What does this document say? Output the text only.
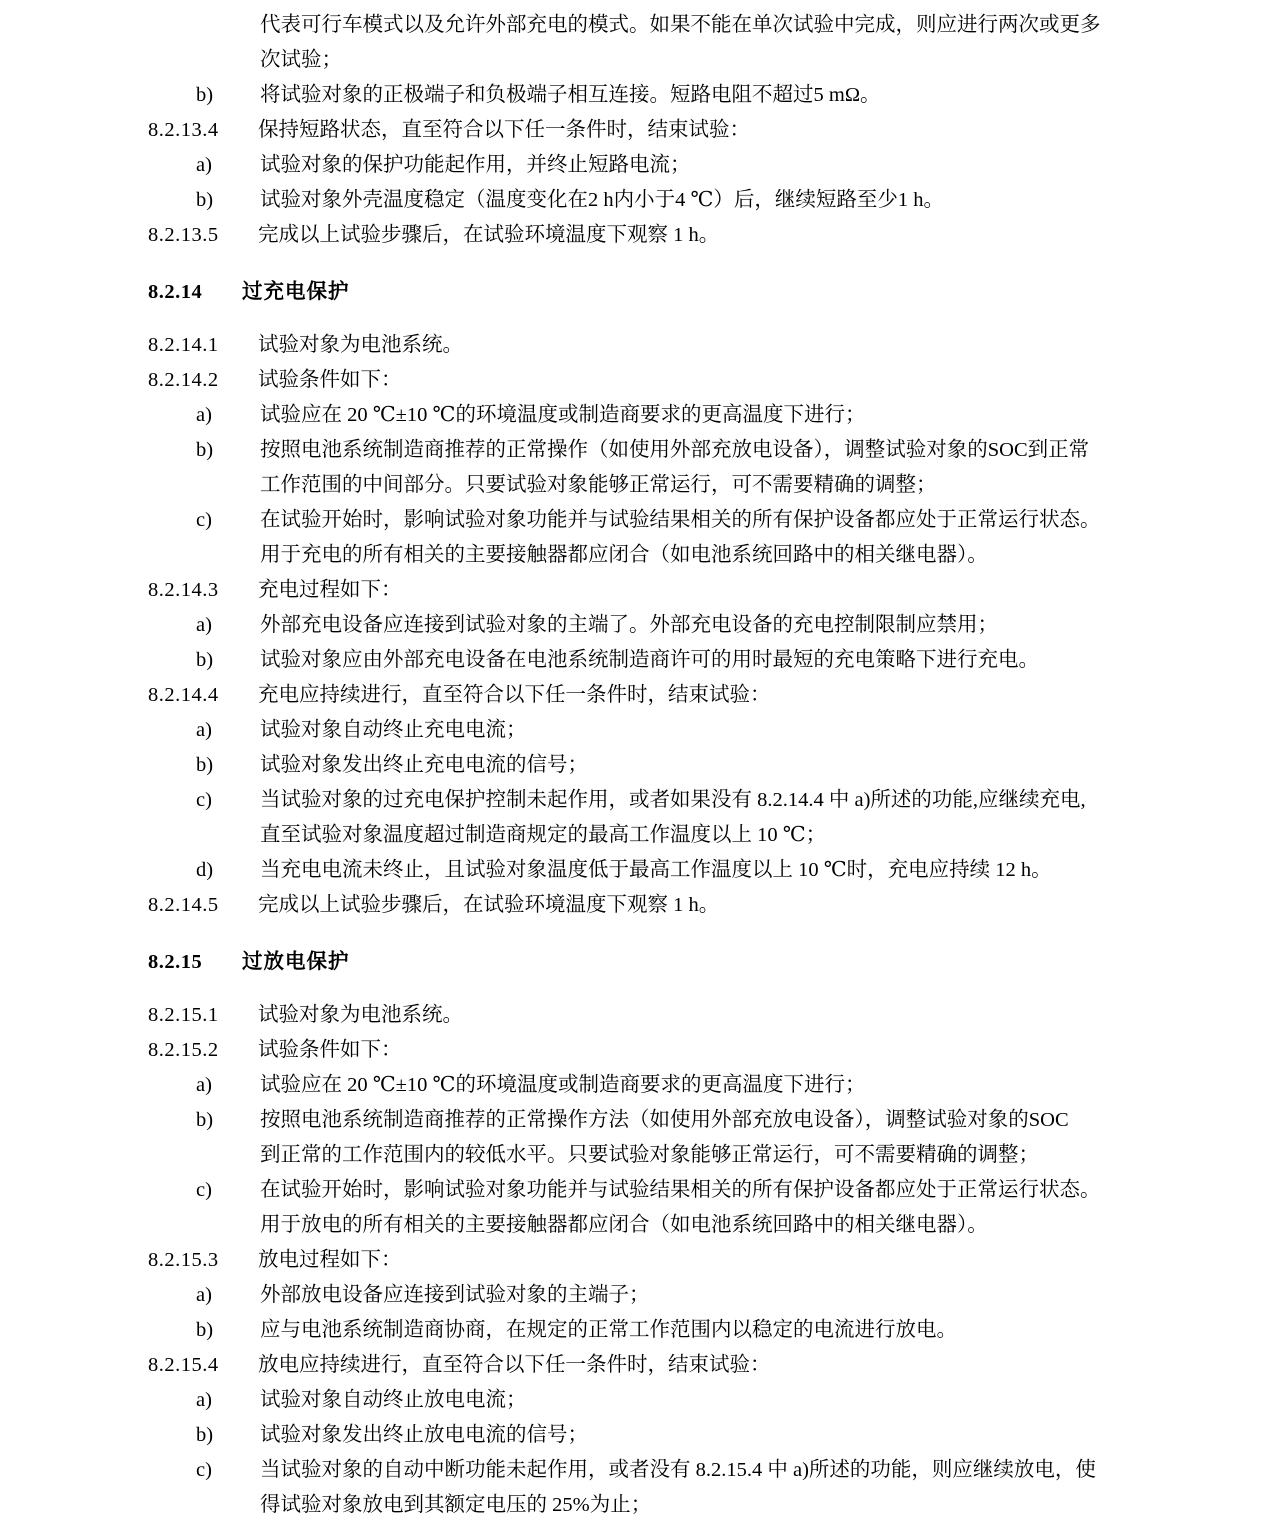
代表可行车模式以及允许外部充电的模式。如果不能在单次试验中完成，则应进行两次或更多
次试验；
b)	将试验对象的正极端子和负极端子相互连接。短路电阻不超过5 mΩ。
8.2.13.4	保持短路状态，直至符合以下任一条件时，结束试验：
a)	试验对象的保护功能起作用，并终止短路电流；
b)	试验对象外壳温度稳定（温度变化在2 h内小于4 ℃）后，继续短路至少1 h。
8.2.13.5	完成以上试验步骤后，在试验环境温度下观察 1 h。
8.2.14	过充电保护
8.2.14.1	试验对象为电池系统。
8.2.14.2	试验条件如下：
a)	试验应在 20 ℃±10 ℃的环境温度或制造商要求的更高温度下进行；
b)	按照电池系统制造商推荐的正常操作（如使用外部充放电设备），调整试验对象的SOC到正常
工作范围的中间部分。只要试验对象能够正常运行，可不需要精确的调整；
c)	在试验开始时，影响试验对象功能并与试验结果相关的所有保护设备都应处于正常运行状态。
用于充电的所有相关的主要接触器都应闭合（如电池系统回路中的相关继电器）。
8.2.14.3	充电过程如下：
a)	外部充电设备应连接到试验对象的主端了。外部充电设备的充电控制限制应禁用；
b)	试验对象应由外部充电设备在电池系统制造商许可的用时最短的充电策略下进行充电。
8.2.14.4	充电应持续进行，直至符合以下任一条件时，结束试验：
a)	试验对象自动终止充电电流；
b)	试验对象发出终止充电电流的信号；
c)	当试验对象的过充电保护控制未起作用，或者如果没有 8.2.14.4 中 a)所述的功能,应继续充电,
直至试验对象温度超过制造商规定的最高工作温度以上 10 ℃；
d)	当充电电流未终止，且试验对象温度低于最高工作温度以上 10 ℃时，充电应持续 12 h。
8.2.14.5	完成以上试验步骤后，在试验环境温度下观察 1 h。
8.2.15	过放电保护
8.2.15.1	试验对象为电池系统。
8.2.15.2	试验条件如下：
a)	试验应在 20 ℃±10 ℃的环境温度或制造商要求的更高温度下进行；
b)	按照电池系统制造商推荐的正常操作方法（如使用外部充放电设备），调整试验对象的SOC
到正常的工作范围内的较低水平。只要试验对象能够正常运行，可不需要精确的调整；
c)	在试验开始时，影响试验对象功能并与试验结果相关的所有保护设备都应处于正常运行状态。
用于放电的所有相关的主要接触器都应闭合（如电池系统回路中的相关继电器）。
8.2.15.3	放电过程如下：
a)	外部放电设备应连接到试验对象的主端子；
b)	应与电池系统制造商协商，在规定的正常工作范围内以稳定的电流进行放电。
8.2.15.4	放电应持续进行，直至符合以下任一条件时，结束试验：
a)	试验对象自动终止放电电流；
b)	试验对象发出终止放电电流的信号；
c)	当试验对象的自动中断功能未起作用，或者没有 8.2.15.4 中 a)所述的功能，则应继续放电，使
得试验对象放电到其额定电压的 25%为止；
